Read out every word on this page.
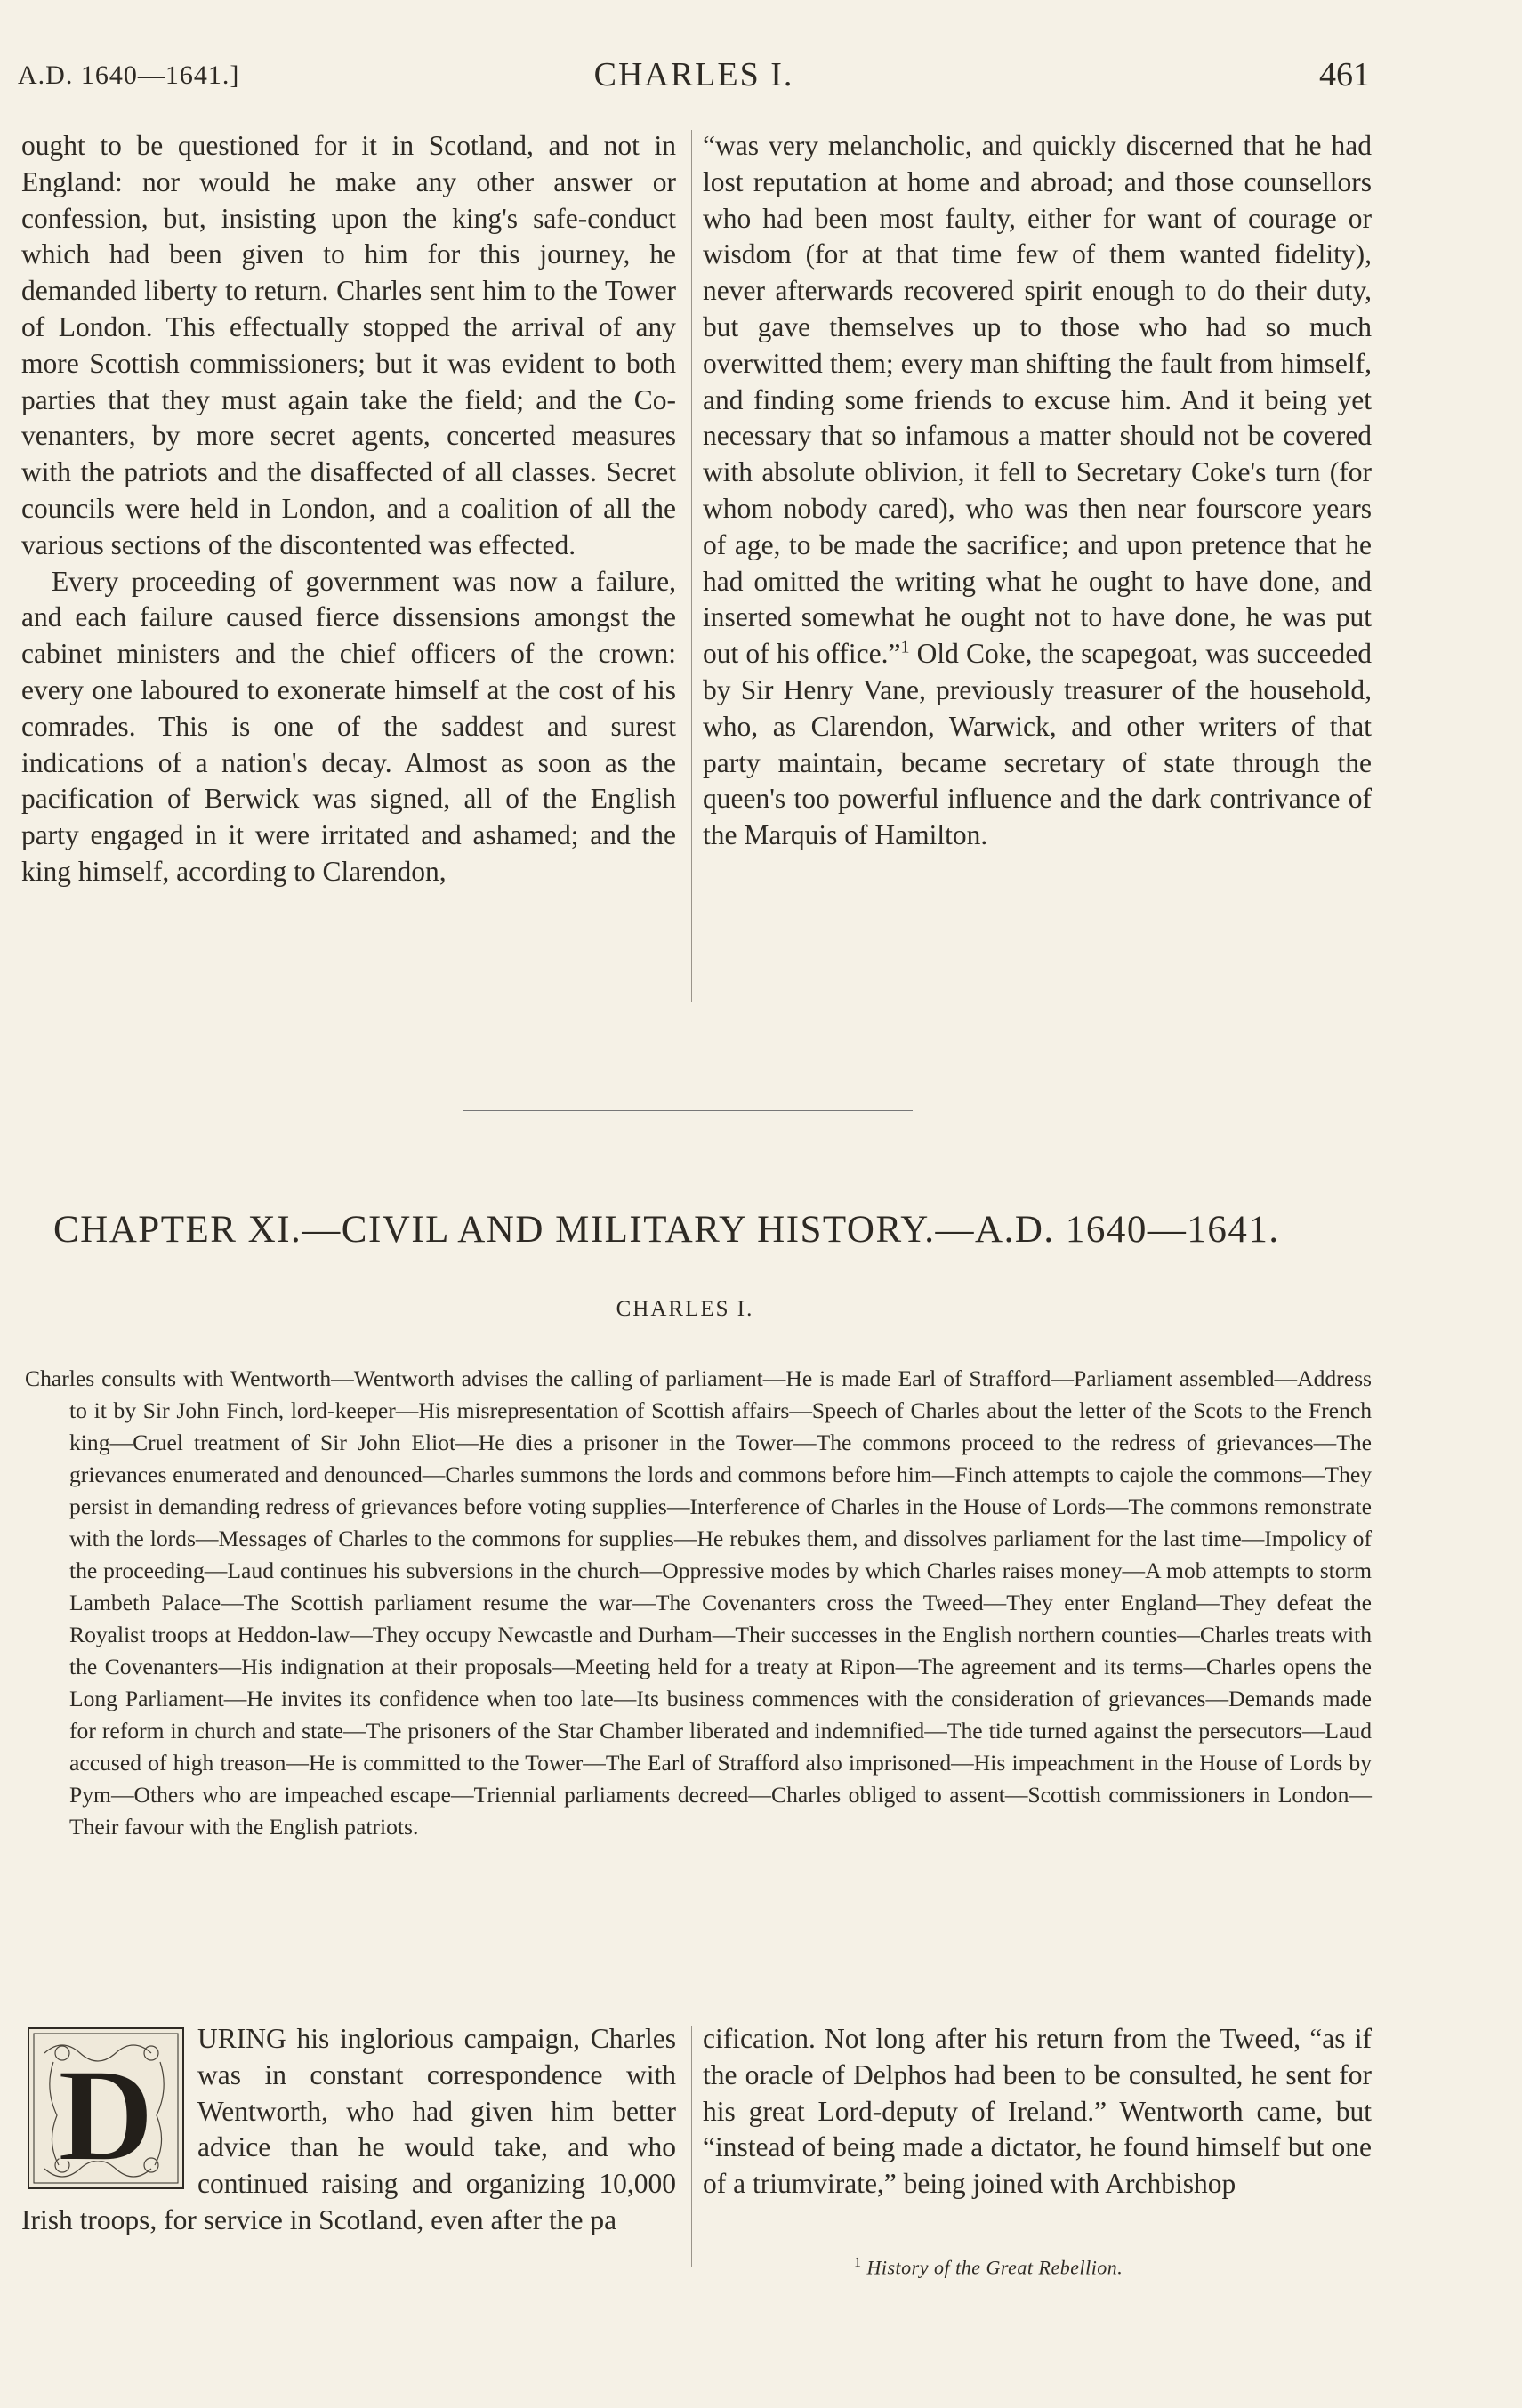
A.D. 1640—1641.]	CHARLES I.	461

ought to be questioned for it in Scotland, and not in England: nor would he make any other answer or confession, but, insisting upon the king's safe-conduct which had been given to him for this journey, he demanded liberty to return. Charles sent him to the Tower of London. This effectually stopped the arrival of any more Scottish commissioners; but it was evident to both parties that they must again take the field; and the Covenanters, by more secret agents, concerted measures with the patriots and the disaffected of all classes. Secret councils were held in London, and a coalition of all the various sections of the discontented was effected.

Every proceeding of government was now a failure, and each failure caused fierce dissensions amongst the cabinet ministers and the chief officers of the crown: every one laboured to exonerate himself at the cost of his comrades. This is one of the saddest and surest indications of a nation's decay. Almost as soon as the pacification of Berwick was signed, all of the English party engaged in it were irritated and ashamed; and the king himself, according to Clarendon,

“was very melancholic, and quickly discerned that he had lost reputation at home and abroad; and those counsellors who had been most faulty, either for want of courage or wisdom (for at that time few of them wanted fidelity), never afterwards recovered spirit enough to do their duty, but gave themselves up to those who had so much overwitted them; every man shifting the fault from himself, and finding some friends to excuse him. And it being yet necessary that so infamous a matter should not be covered with absolute oblivion, it fell to Secretary Coke's turn (for whom nobody cared), who was then near fourscore years of age, to be made the sacrifice; and upon pretence that he had omitted the writing what he ought to have done, and inserted somewhat he ought not to have done, he was put out of his office.”$^1$ Old Coke, the scapegoat, was succeeded by Sir Henry Vane, previously treasurer of the household, who, as Clarendon, Warwick, and other writers of that party maintain, became secretary of state through the queen's too powerful influence and the dark contrivance of the Marquis of Hamilton.

CHAPTER XI.—CIVIL AND MILITARY HISTORY.—A.D. 1640—1641.
CHARLES I.
Charles consults with Wentworth—Wentworth advises the calling of parliament—He is made Earl of Strafford—Parliament assembled—Address to it by Sir John Finch, lord-keeper—His misrepresentation of Scottish affairs—Speech of Charles about the letter of the Scots to the French king—Cruel treatment of Sir John Eliot—He dies a prisoner in the Tower—The commons proceed to the redress of grievances—The grievances enumerated and denounced—Charles summons the lords and commons before him—Finch attempts to cajole the commons—They persist in demanding redress of grievances before voting supplies—Interference of Charles in the House of Lords—The commons remonstrate with the lords—Messages of Charles to the commons for supplies—He rebukes them, and dissolves parliament for the last time—Impolicy of the proceeding—Laud continues his subversions in the church—Oppressive modes by which Charles raises money—A mob attempts to storm Lambeth Palace—The Scottish parliament resume the war—The Covenanters cross the Tweed—They enter England—They defeat the Royalist troops at Heddon-law—They occupy Newcastle and Durham—Their successes in the English northern counties—Charles treats with the Covenanters—His indignation at their proposals—Meeting held for a treaty at Ripon—The agreement and its terms—Charles opens the Long Parliament—He invites its confidence when too late—Its business commences with the consideration of grievances—Demands made for reform in church and state—The prisoners of the Star Chamber liberated and indemnified—The tide turned against the persecutors—Laud accused of high treason—He is committed to the Tower—The Earl of Strafford also imprisoned—His impeachment in the House of Lords by Pym—Others who are impeached escape—Triennial parliaments decreed—Charles obliged to assent—Scottish commissioners in London—Their favour with the English patriots.
D

URING his inglorious campaign, Charles was in constant correspondence with Wentworth, who had given him better advice than he would take, and who continued raising and organizing 10,000 Irish troops, for service in Scotland, even after the pa

cification. Not long after his return from the Tweed, “as if the oracle of Delphos had been to be consulted, he sent for his great Lord-deputy of Ireland.” Wentworth came, but “instead of being made a dictator, he found himself but one of a triumvirate,” being joined with Archbishop

$^1$ History of the Great Rebellion.
